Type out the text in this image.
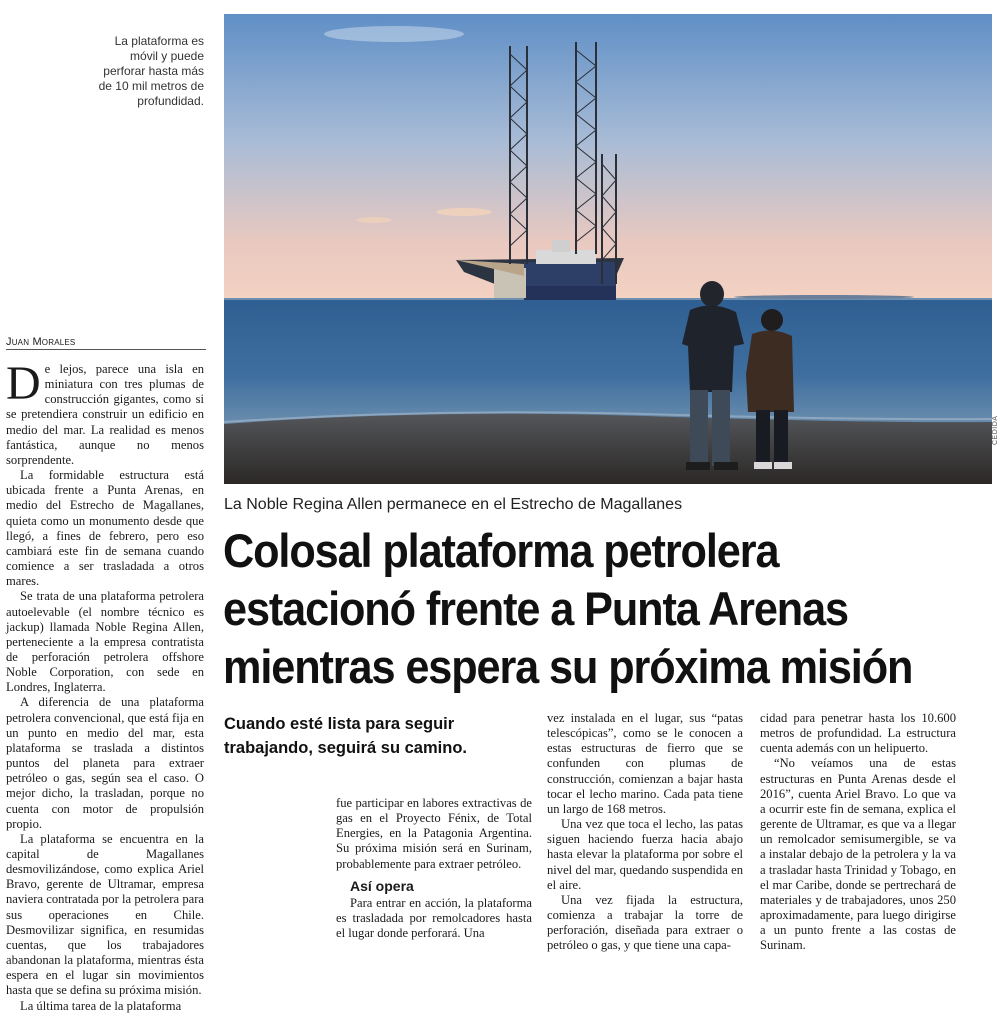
La plataforma es móvil y puede perforar hasta más de 10 mil metros de profundidad.
CEDIDA
Juan Morales
La Noble Regina Allen permanece en el Estrecho de Magallanes
Colosal plataforma petrolera
estacionó frente a Punta Arenas
mientras espera su próxima misión
Cuando esté lista para seguir
trabajando, seguirá su camino.

De lejos, parece una isla en miniatura con tres plumas de construcción gigantes, como si se pretendiera construir un edificio en medio del mar. La realidad es menos fantástica, aunque no menos sorprendente.

La formidable estructura está ubicada frente a Punta Arenas, en medio del Estrecho de Magallanes, quieta como un monumento desde que llegó, a fines de febrero, pero eso cambiará este fin de semana cuando comience a ser trasladada a otros mares.

Se trata de una plataforma petrolera autoelevable (el nombre técnico es jackup) llamada Noble Regina Allen, perteneciente a la empresa contratista de perforación petrolera offshore Noble Corporation, con sede en Londres, Inglaterra.

A diferencia de una plataforma petrolera convencional, que está fija en un punto en medio del mar, esta plataforma se traslada a distintos puntos del planeta para extraer petróleo o gas, según sea el caso. O mejor dicho, la trasladan, porque no cuenta con motor de propulsión propio.

La plataforma se encuentra en la capital de Magallanes desmovilizándose, como explica Ariel Bravo, gerente de Ultramar, empresa naviera contratada por la petrolera para sus operaciones en Chile. Desmovilizar significa, en resumidas cuentas, que los trabajadores abandonan la plataforma, mientras ésta espera en el lugar sin movimientos hasta que se defina su próxima misión.

La última tarea de la plataforma

fue participar en labores extractivas de gas en el Proyecto Fénix, de Total Energies, en la Patagonia Argentina. Su próxima misión será en Surinam, probablemente para extraer petróleo.

Así opera

Para entrar en acción, la plataforma es trasladada por remolcadores hasta el lugar donde perforará. Una

vez instalada en el lugar, sus “patas telescópicas”, como se le conocen a estas estructuras de fierro que se confunden con plumas de construcción, comienzan a bajar hasta tocar el lecho marino. Cada pata tiene un largo de 168 metros.

Una vez que toca el lecho, las patas siguen haciendo fuerza hacia abajo hasta elevar la plataforma por sobre el nivel del mar, quedando suspendida en el aire.

Una vez fijada la estructura, comienza a trabajar la torre de perforación, diseñada para extraer o petróleo o gas, y que tiene una capa-

cidad para penetrar hasta los 10.600 metros de profundidad. La estructura cuenta además con un helipuerto.

“No veíamos una de estas estructuras en Punta Arenas desde el 2016”, cuenta Ariel Bravo. Lo que va a ocurrir este fin de semana, explica el gerente de Ultramar, es que va a llegar un remolcador semisumergible, se va a instalar debajo de la petrolera y la va a trasladar hasta Trinidad y Tobago, en el mar Caribe, donde se pertrechará de materiales y de trabajadores, unos 250 aproximadamente, para luego dirigirse a un punto frente a las costas de Surinam.
